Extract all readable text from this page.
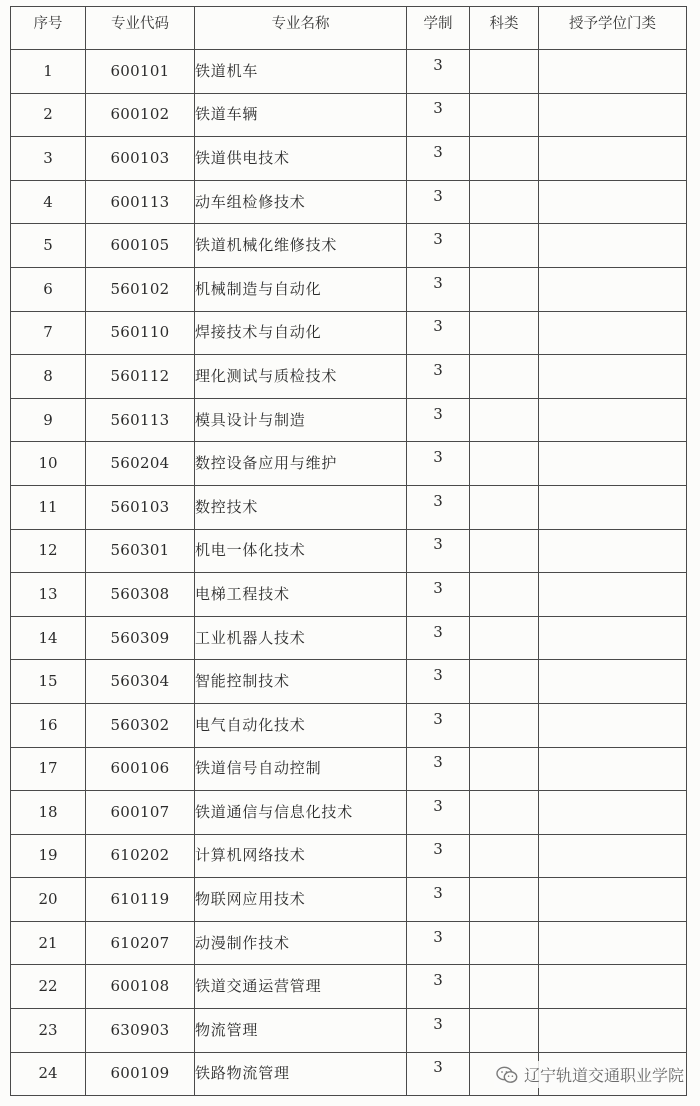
序号	专业代码	专业名称	学制	科类	授予学位门类
1	600101	铁道机车	3		
2	600102	铁道车辆	3		
3	600103	铁道供电技术	3		
4	600113	动车组检修技术	3		
5	600105	铁道机械化维修技术	3		
6	560102	机械制造与自动化	3		
7	560110	焊接技术与自动化	3		
8	560112	理化测试与质检技术	3		
9	560113	模具设计与制造	3		
10	560204	数控设备应用与维护	3		
11	560103	数控技术	3		
12	560301	机电一体化技术	3		
13	560308	电梯工程技术	3		
14	560309	工业机器人技术	3		
15	560304	智能控制技术	3		
16	560302	电气自动化技术	3		
17	600106	铁道信号自动控制	3		
18	600107	铁道通信与信息化技术	3		
19	610202	计算机网络技术	3		
20	610119	物联网应用技术	3		
21	610207	动漫制作技术	3		
22	600108	铁道交通运营管理	3		
23	630903	物流管理	3		
24	600109	铁路物流管理	3			辽宁轨道交通职业学院
